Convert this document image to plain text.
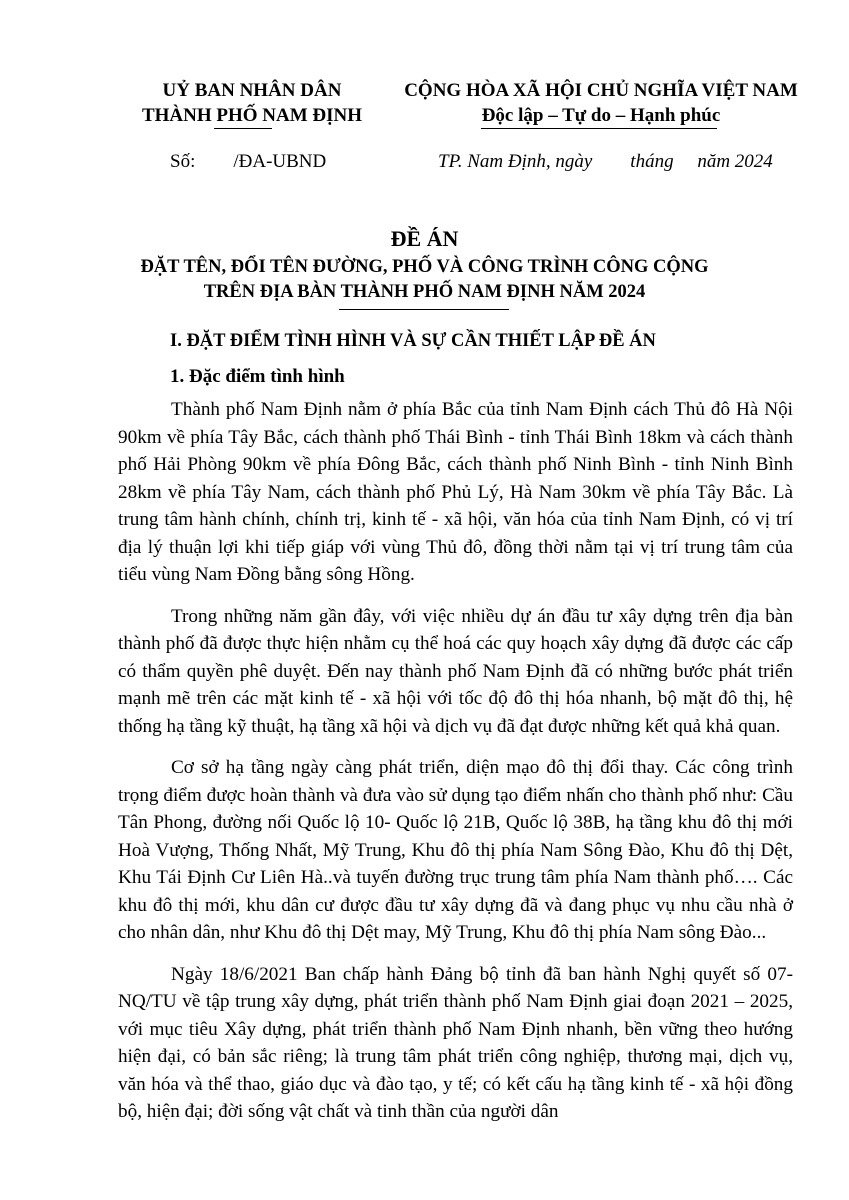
UỶ BAN NHÂN DÂN
THÀNH PHỐ NAM ĐỊNH
CỘNG HÒA XÃ HỘI CHỦ NGHĨA VIỆT NAM
Độc lập – Tự do – Hạnh phúc
Số:        /ĐA-UBND	TP. Nam Định, ngày        tháng     năm 2024
ĐỀ ÁN
ĐẶT TÊN, ĐỔI TÊN ĐƯỜNG, PHỐ VÀ CÔNG TRÌNH CÔNG CỘNG
TRÊN ĐỊA BÀN THÀNH PHỐ NAM ĐỊNH NĂM 2024
I. ĐẶT ĐIỂM TÌNH HÌNH VÀ SỰ CẦN THIẾT LẬP ĐỀ ÁN
1. Đặc điểm tình hình

Thành phố Nam Định nằm ở phía Bắc của tỉnh Nam Định cách Thủ đô Hà Nội 90km về phía Tây Bắc, cách thành phố Thái Bình - tỉnh Thái Bình 18km và cách thành phố Hải Phòng 90km về phía Đông Bắc, cách thành phố Ninh Bình - tỉnh Ninh Bình 28km về phía Tây Nam, cách thành phố Phủ Lý, Hà Nam 30km về phía Tây Bắc. Là trung tâm hành chính, chính trị, kinh tế - xã hội, văn hóa của tỉnh Nam Định, có vị trí địa lý thuận lợi khi tiếp giáp với vùng Thủ đô, đồng thời nằm tại vị trí trung tâm của tiểu vùng Nam Đồng bằng sông Hồng.

Trong những năm gần đây, với việc nhiều dự án đầu tư xây dựng trên địa bàn thành phố đã được thực hiện nhằm cụ thể hoá các quy hoạch xây dựng đã được các cấp có thẩm quyền phê duyệt. Đến nay thành phố Nam Định đã có những bước phát triển mạnh mẽ trên các mặt kinh tế - xã hội với tốc độ đô thị hóa nhanh, bộ mặt đô thị, hệ thống hạ tầng kỹ thuật, hạ tầng xã hội và dịch vụ đã đạt được những kết quả khả quan.

Cơ sở hạ tầng ngày càng phát triển, diện mạo đô thị đổi thay. Các công trình trọng điểm được hoàn thành và đưa vào sử dụng tạo điểm nhấn cho thành phố như: Cầu Tân Phong, đường nối Quốc lộ 10- Quốc lộ 21B, Quốc lộ 38B, hạ tầng khu đô thị mới Hoà Vượng, Thống Nhất, Mỹ Trung, Khu đô thị phía Nam Sông Đào, Khu đô thị Dệt, Khu Tái Định Cư Liên Hà..và tuyến đường trục trung tâm phía Nam thành phố…. Các khu đô thị mới, khu dân cư được đầu tư xây dựng đã và đang phục vụ nhu cầu nhà ở cho nhân dân, như Khu đô thị Dệt may, Mỹ Trung, Khu đô thị phía Nam sông Đào...

Ngày 18/6/2021 Ban chấp hành Đảng bộ tỉnh đã ban hành Nghị quyết số 07-NQ/TU về tập trung xây dựng, phát triển thành phố Nam Định giai đoạn 2021 – 2025, với mục tiêu Xây dựng, phát triển thành phố Nam Định nhanh, bền vững theo hướng hiện đại, có bản sắc riêng; là trung tâm phát triển công nghiệp, thương mại, dịch vụ, văn hóa và thể thao, giáo dục và đào tạo, y tế; có kết cấu hạ tầng kinh tế - xã hội đồng bộ, hiện đại; đời sống vật chất và tinh thần của người dân
